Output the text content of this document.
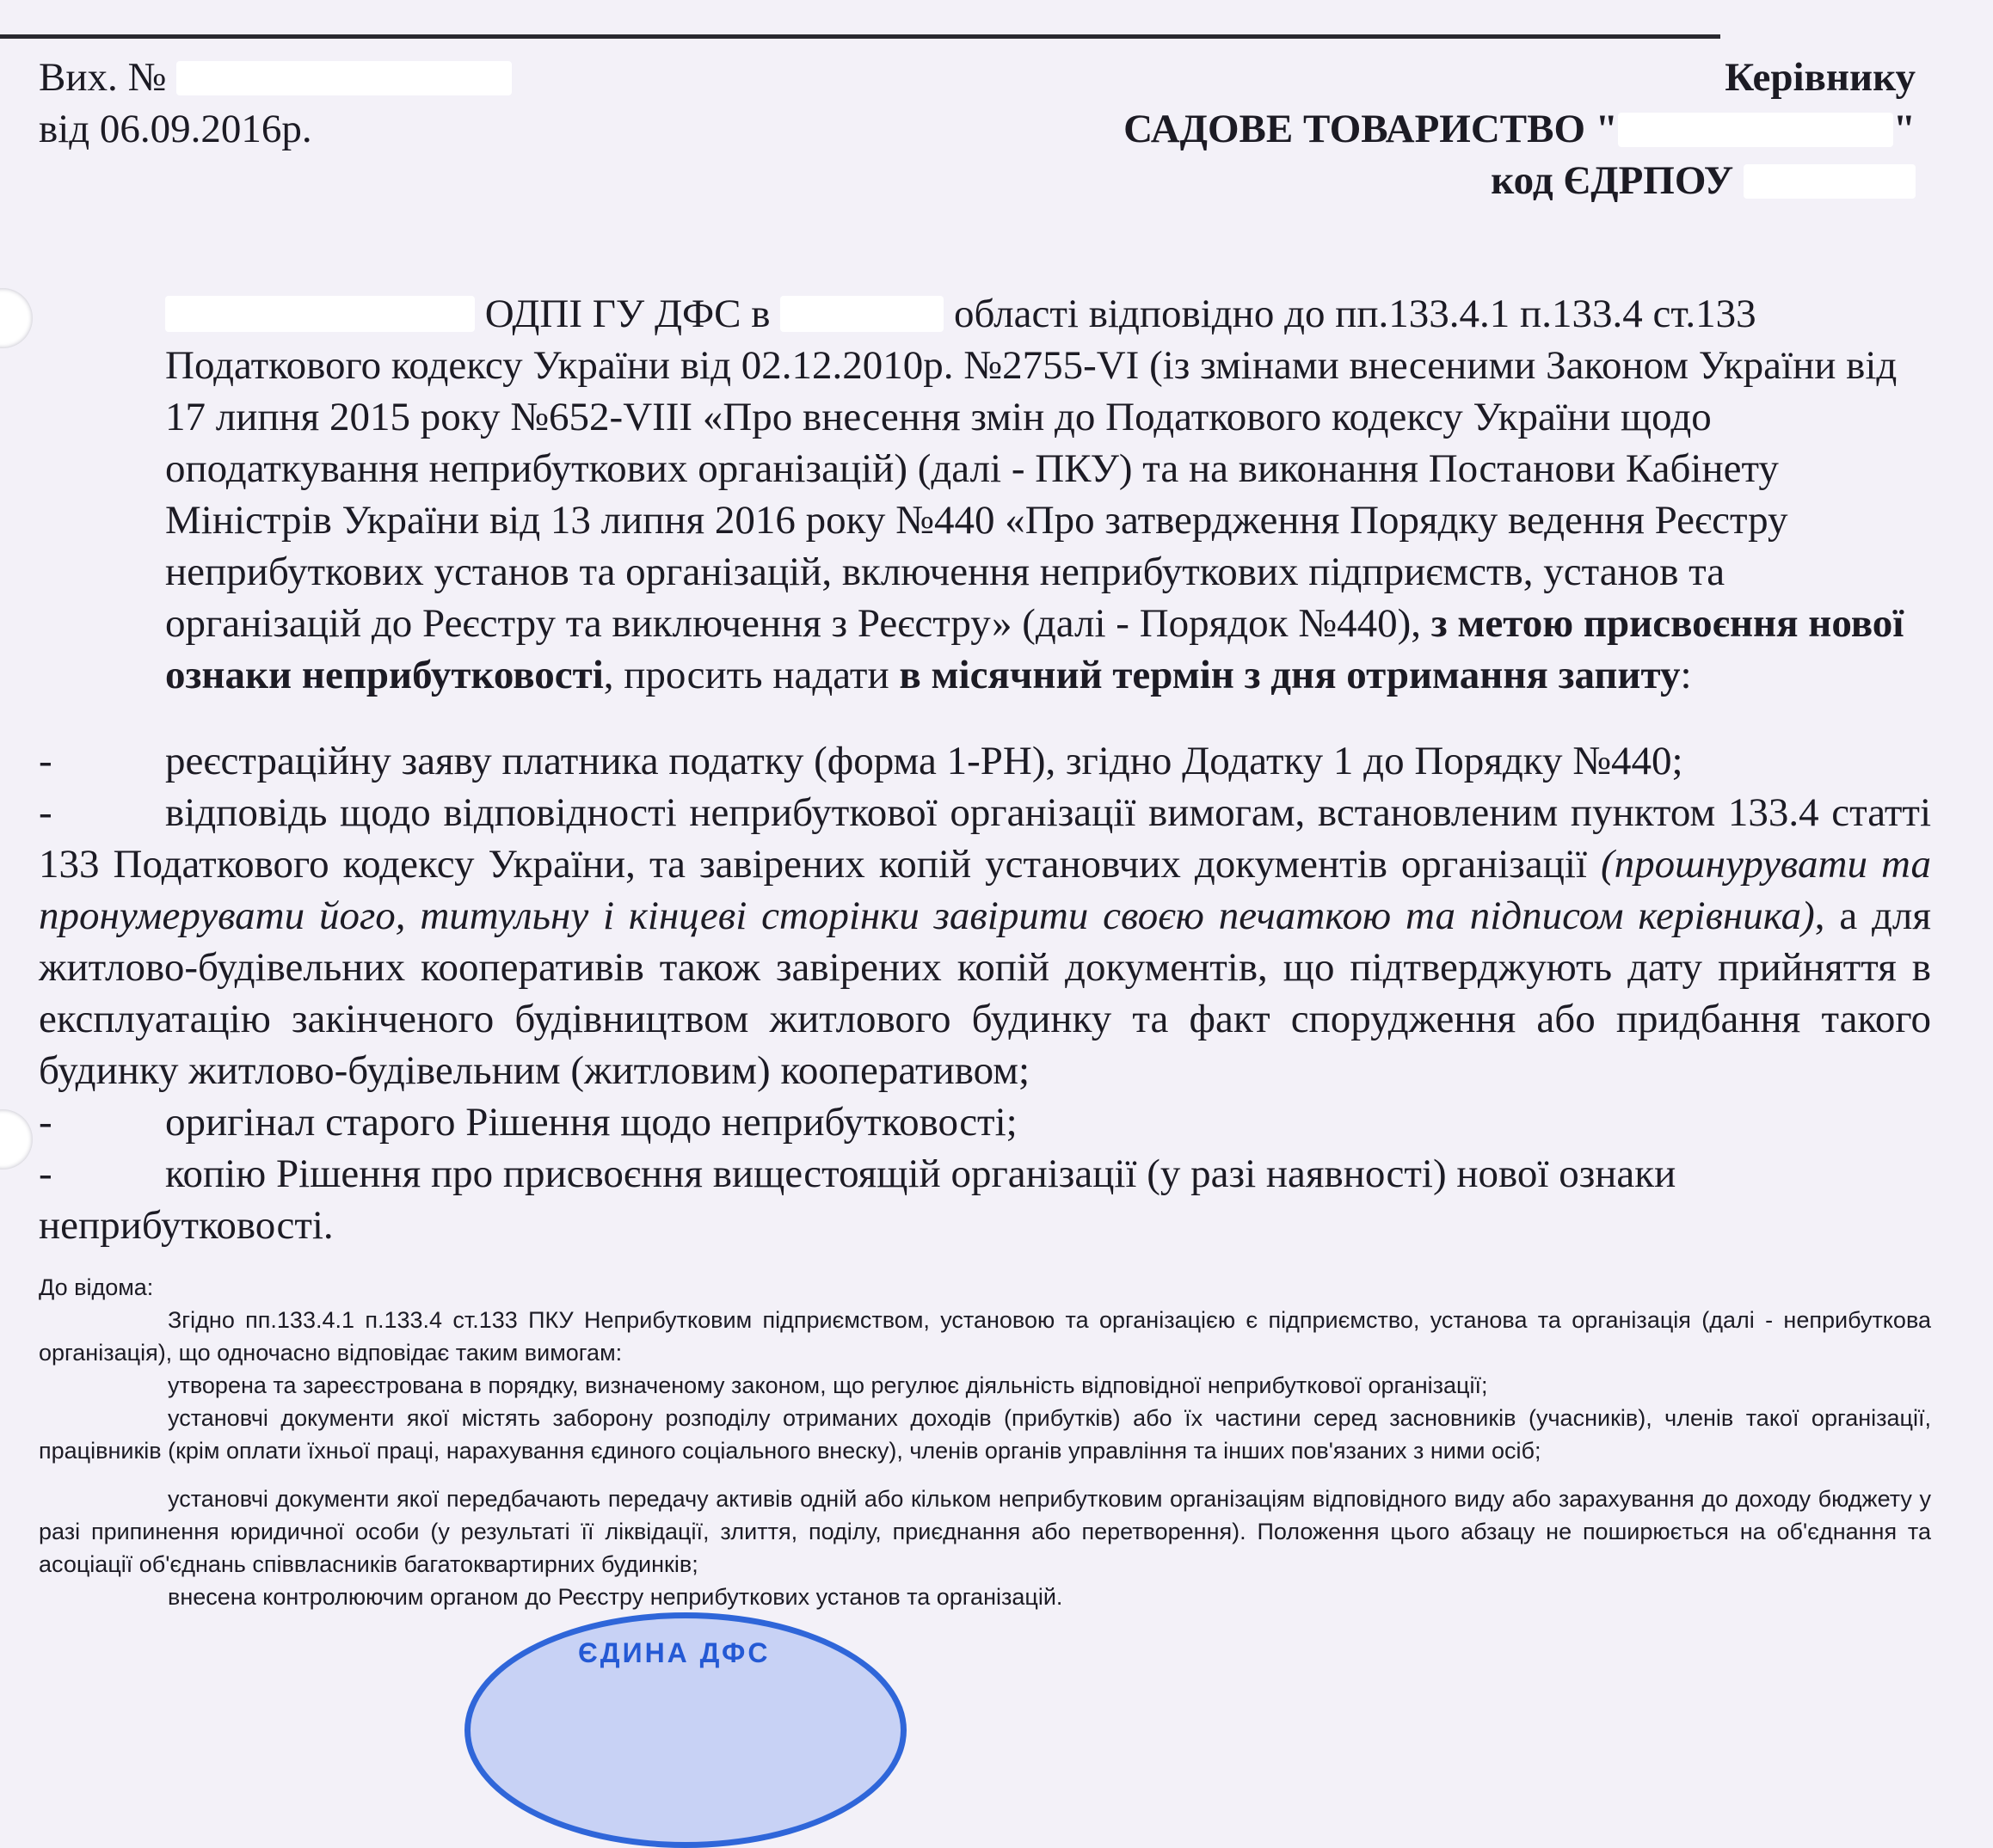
Вих. №
від 06.09.2016р.
Керівнику
САДОВЕ ТОВАРИСТВО "	"
код ЄДРПОУ

ОДПІ ГУ ДФС в	області відповідно до пп.133.4.1 п.133.4 ст.133 Податкового кодексу України від 02.12.2010р. №2755-VI (із змінами внесеними Законом України від 17 липня 2015 року №652-VIII «Про внесення змін до Податкового кодексу України щодо оподаткування неприбуткових організацій) (далі - ПКУ) та на виконання Постанови Кабінету Міністрів України від 13 липня 2016 року №440 «Про затвердження Порядку ведення Реєстру неприбуткових установ та організацій, включення неприбуткових підприємств, установ та організацій до Реєстру та виключення з Реєстру» (далі - Порядок №440), з метою присвоєння нової ознаки неприбутковості, просить надати в місячний термін з дня отримання запиту:

-	реєстраційну заяву платника податку (форма 1-РН), згідно Додатку 1 до Порядку №440;

-	відповідь щодо відповідності неприбуткової організації вимогам, встановленим пунктом 133.4 статті 133 Податкового кодексу України, та завірених копій установчих документів організації (прошнурувати та пронумерувати його, титульну і кінцеві сторінки завірити своєю печаткою та підписом керівника), а для житлово-будівельних кооперативів також завірених копій документів, що підтверджують дату прийняття в експлуатацію закінченого будівництвом житлового будинку та факт спорудження або придбання такого будинку житлово-будівельним (житловим) кооперативом;

-	оригінал старого Рішення щодо неприбутковості;

-	копію Рішення про присвоєння вищестоящій організації (у разі наявності) нової ознаки неприбутковості.

До відома:

Згідно пп.133.4.1 п.133.4 ст.133 ПКУ Неприбутковим підприємством, установою та організацією є підприємство, установа та організація (далі - неприбуткова організація), що одночасно відповідає таким вимогам:

утворена та зареєстрована в порядку, визначеному законом, що регулює діяльність відповідної неприбуткової організації;

установчі документи якої містять заборону розподілу отриманих доходів (прибутків) або їх частини серед засновників (учасників), членів такої організації, працівників (крім оплати їхньої праці, нарахування єдиного соціального внеску), членів органів управління та інших пов'язаних з ними осіб;

установчі документи якої передбачають передачу активів одній або кільком неприбутковим організаціям відповідного виду або зарахування до доходу бюджету у разі припинення юридичної особи (у результаті її ліквідації, злиття, поділу, приєднання або перетворення). Положення цього абзацу не поширюється на об'єднання та асоціації об'єднань співвласників багатоквартирних будинків;

внесена контролюючим органом до Реєстру неприбуткових установ та організацій.

ЄДИНА ДФС
